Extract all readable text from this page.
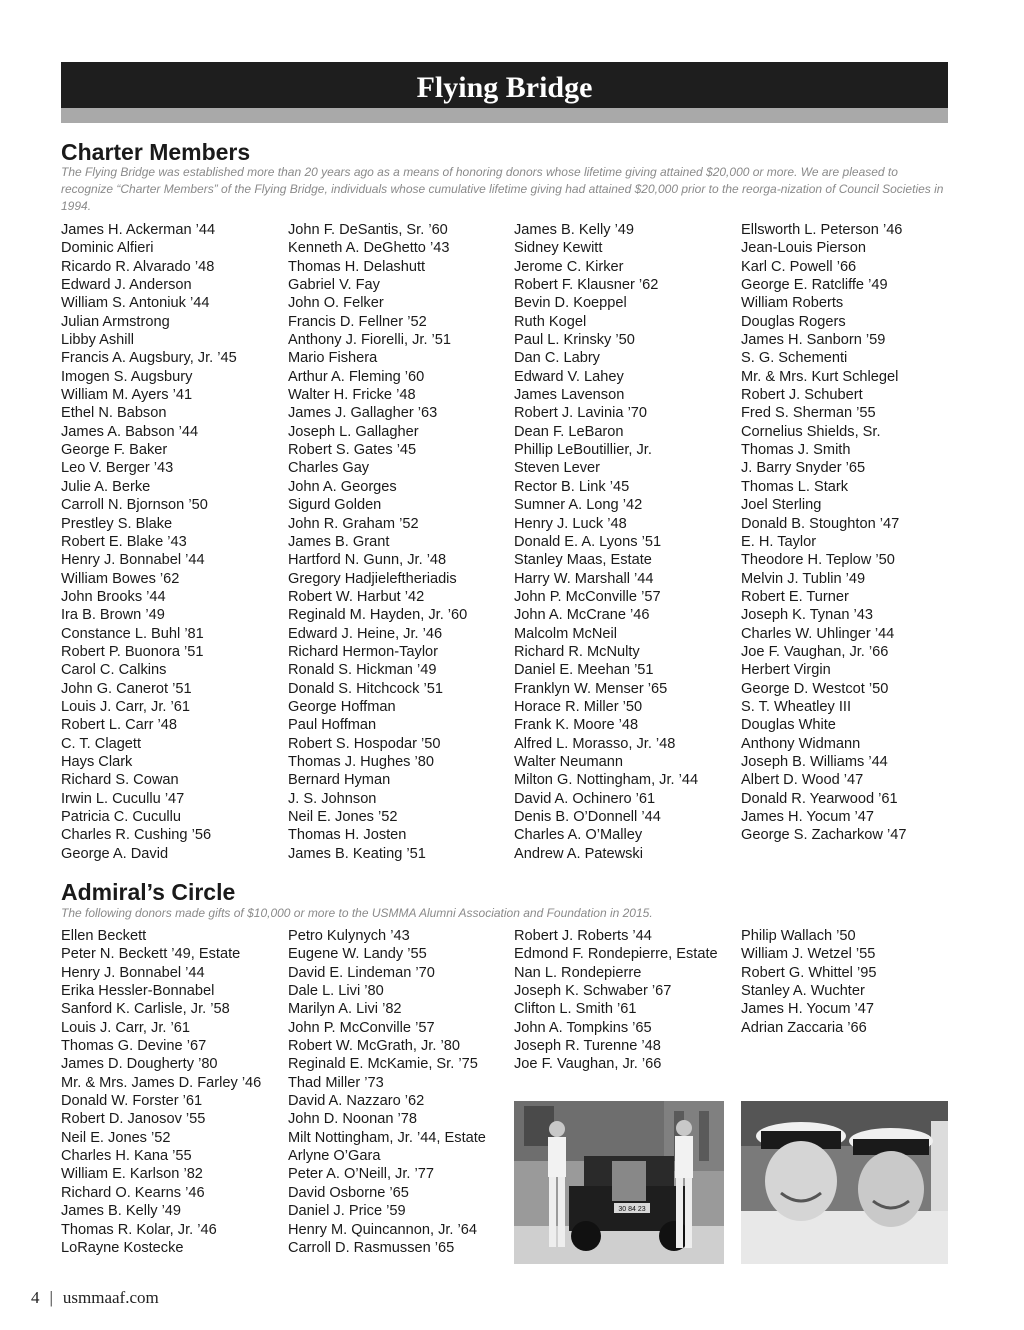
Flying Bridge
Charter Members
The Flying Bridge was established more than 20 years ago as a means of honoring donors whose lifetime giving attained $20,000 or more. We are pleased to recognize “Charter Members” of the Flying Bridge, individuals whose cumulative lifetime giving had attained $20,000 prior to the reorga-nization of Council Societies in 1994.
James H. Ackerman ’44
Dominic Alfieri
Ricardo R. Alvarado ’48
Edward J. Anderson
William S. Antoniuk ’44
Julian Armstrong
Libby Ashill
Francis A. Augsbury, Jr. ’45
Imogen S. Augsbury
William M. Ayers ’41
Ethel N. Babson
James A. Babson ’44
George F. Baker
Leo V. Berger ’43
Julie A. Berke
Carroll N. Bjornson ’50
Prestley S. Blake
Robert E. Blake ’43
Henry J. Bonnabel ’44
William Bowes ’62
John Brooks ’44
Ira B. Brown ’49
Constance L. Buhl ’81
Robert P. Buonora ’51
Carol C. Calkins
John G. Canerot ’51
Louis J. Carr, Jr. ’61
Robert L. Carr ’48
C. T. Clagett
Hays Clark
Richard S. Cowan
Irwin L. Cucullu ’47
Patricia C. Cucullu
Charles R. Cushing ’56
George A. David
John F. DeSantis, Sr. ’60
Kenneth A. DeGhetto ’43
Thomas H. Delashutt
Gabriel V. Fay
John O. Felker
Francis D. Fellner ’52
Anthony J. Fiorelli, Jr. ’51
Mario Fishera
Arthur A. Fleming ’60
Walter H. Fricke ’48
James J. Gallagher ’63
Joseph L. Gallagher
Robert S. Gates ’45
Charles Gay
John A. Georges
Sigurd Golden
John R. Graham ’52
James B. Grant
Hartford N. Gunn, Jr. ’48
Gregory Hadjieleftheriadis
Robert W. Harbut ’42
Reginald M. Hayden, Jr. ’60
Edward J. Heine, Jr. ’46
Richard Hermon-Taylor
Ronald S. Hickman ’49
Donald S. Hitchcock ’51
George Hoffman
Paul Hoffman
Robert S. Hospodar ’50
Thomas J. Hughes ’80
Bernard Hyman
J. S. Johnson
Neil E. Jones ’52
Thomas H. Josten
James B. Keating ’51
James B. Kelly ’49
Sidney Kewitt
Jerome C. Kirker
Robert F. Klausner ’62
Bevin D. Koeppel
Ruth Kogel
Paul L. Krinsky ’50
Dan C. Labry
Edward V. Lahey
James Lavenson
Robert J. Lavinia ’70
Dean F. LeBaron
Phillip LeBoutillier, Jr.
Steven Lever
Rector B. Link ’45
Sumner A. Long ’42
Henry J. Luck ’48
Donald E. A. Lyons ’51
Stanley Maas, Estate
Harry W. Marshall ’44
John P. McConville ’57
John A. McCrane ’46
Malcolm McNeil
Richard R. McNulty
Daniel E. Meehan ’51
Franklyn W. Menser ’65
Horace R. Miller ’50
Frank K. Moore ’48
Alfred L. Morasso, Jr. ’48
Walter Neumann
Milton G. Nottingham, Jr. ’44
David A. Ochinero ’61
Denis B. O’Donnell ’44
Charles A. O’Malley
Andrew A. Patewski
Ellsworth L. Peterson ’46
Jean-Louis Pierson
Karl C. Powell ’66
George E. Ratcliffe ’49
William Roberts
Douglas Rogers
James H. Sanborn ’59
S. G. Schementi
Mr. & Mrs. Kurt Schlegel
Robert J. Schubert
Fred S. Sherman ’55
Cornelius Shields, Sr.
Thomas J. Smith
J. Barry Snyder ’65
Thomas L. Stark
Joel Sterling
Donald B. Stoughton ’47
E. H. Taylor
Theodore H. Teplow ’50
Melvin J. Tublin ’49
Robert E. Turner
Joseph K. Tynan ’43
Charles W. Uhlinger ’44
Joe F. Vaughan, Jr. ’66
Herbert Virgin
George D. Westcot ’50
S. T. Wheatley III
Douglas White
Anthony Widmann
Joseph B. Williams ’44
Albert D. Wood ’47
Donald R. Yearwood ’61
James H. Yocum ’47
George S. Zacharkow ’47
Admiral’s Circle
The following donors made gifts of $10,000 or more to the USMMA Alumni Association and Foundation in 2015.
Ellen Beckett
Peter N. Beckett ’49, Estate
Henry J. Bonnabel ’44
Erika Hessler-Bonnabel
Sanford K. Carlisle, Jr. ’58
Louis J. Carr, Jr. ’61
Thomas G. Devine ’67
James D. Dougherty ’80
Mr. & Mrs. James D. Farley ’46
Donald W. Forster ’61
Robert D. Janosov ’55
Neil E. Jones ’52
Charles H. Kana ’55
William E. Karlson ’82
Richard O. Kearns ’46
James B. Kelly ’49
Thomas R. Kolar, Jr. ’46
LoRayne Kostecke
Petro Kulynych ’43
Eugene W. Landy ’55
David E. Lindeman ’70
Dale L. Livi ’80
Marilyn A. Livi ’82
John P. McConville ’57
Robert W. McGrath, Jr. ’80
Reginald E. McKamie, Sr. ’75
Thad Miller ’73
David A. Nazzaro ’62
John D. Noonan ’78
Milt Nottingham, Jr. ’44, Estate
Arlyne O’Gara
Peter A. O’Neill, Jr. ’77
David Osborne ’65
Daniel J. Price ’59
Henry M. Quincannon, Jr. ’64
Carroll D. Rasmussen ’65
Robert J. Roberts ’44
Edmond F. Rondepierre, Estate
Nan L. Rondepierre
Joseph K. Schwaber ’67
Clifton L. Smith ’61
John A. Tompkins ’65
Joseph R. Turenne ’48
Joe F. Vaughan, Jr. ’66
Philip Wallach ’50
William J. Wetzel ’55
Robert G. Whittel ’95
Stanley A. Wuchter
James H. Yocum ’47
Adrian Zaccaria ’66
30 84 23
4 | usmmaaf.com
